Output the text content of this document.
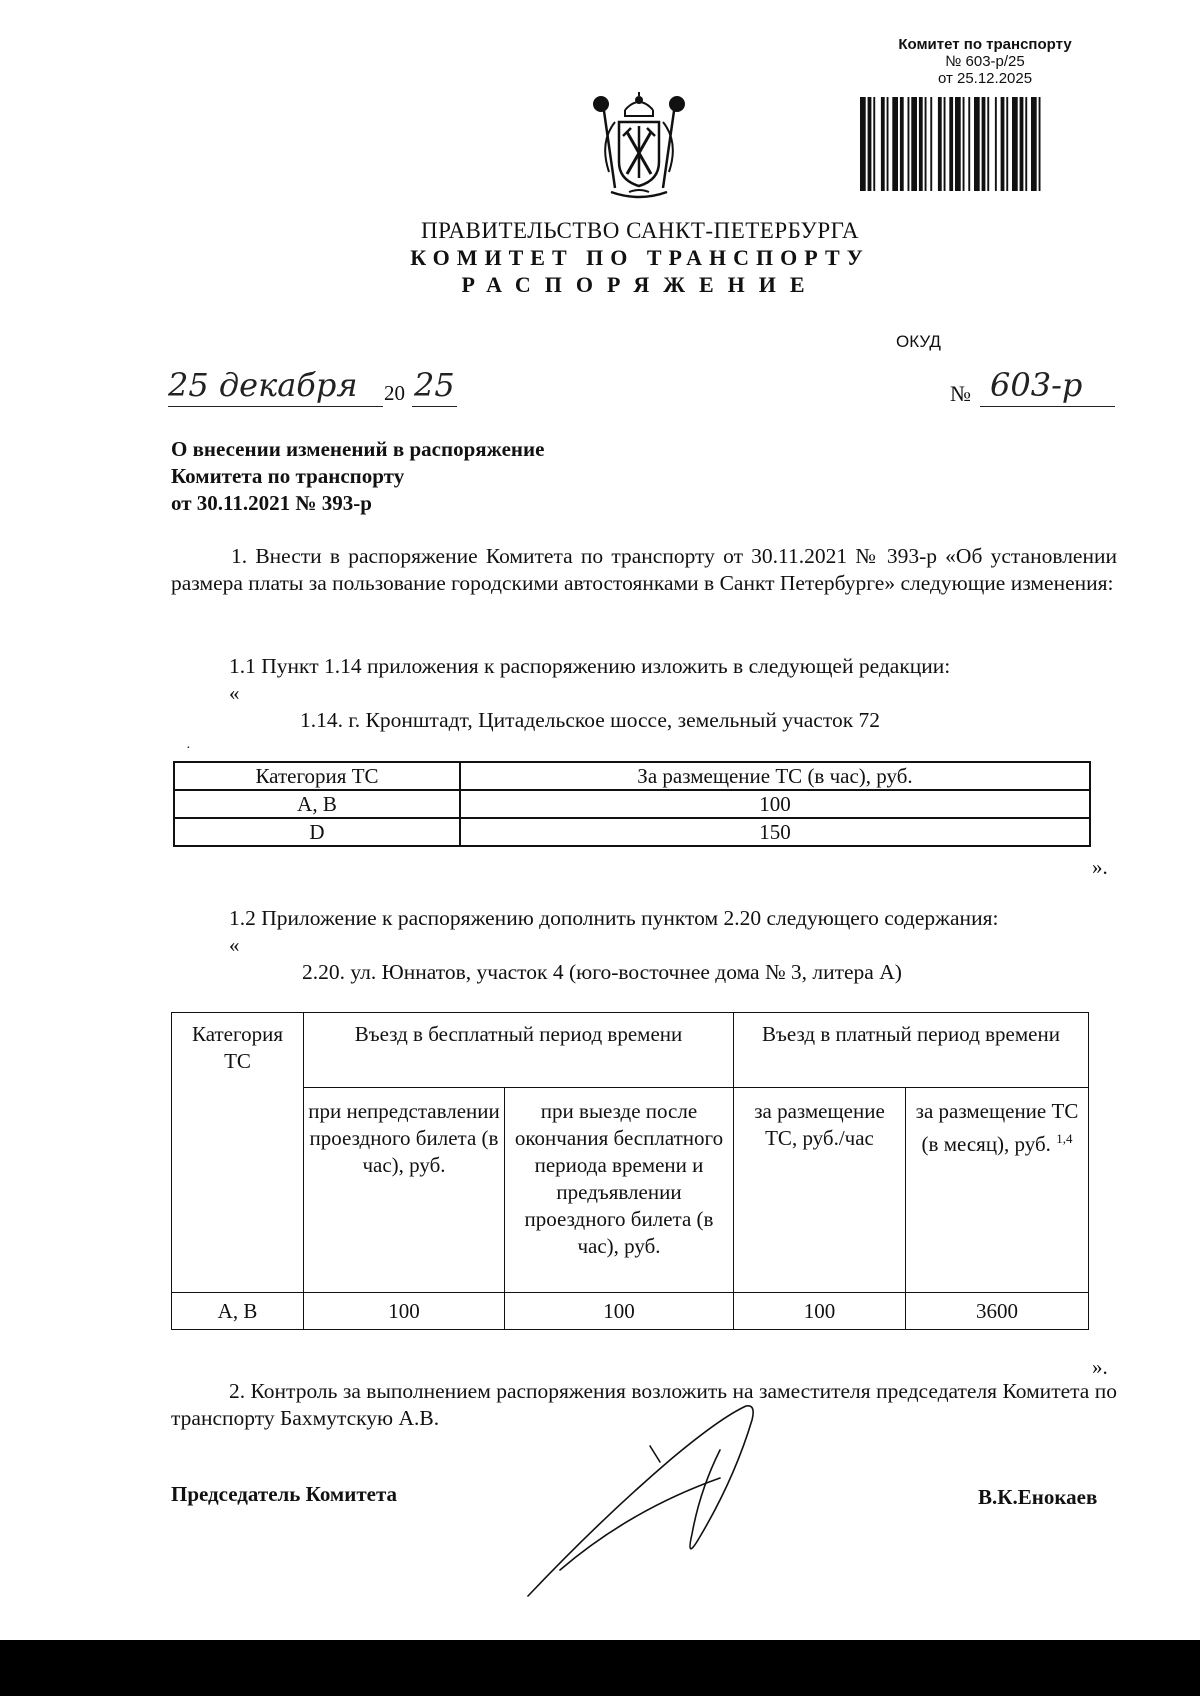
Комитет по транспорту
№ 603-р/25
от 25.12.2025
ПРАВИТЕЛЬСТВО САНКТ-ПЕТЕРБУРГА
КОМИТЕТ ПО ТРАНСПОРТУ
РАСПОРЯЖЕНИЕ
ОКУД
25 декабря 20 25	№ 603-р
О внесении изменений в распоряжение
Комитета по транспорту
от 30.11.2021 № 393-р
1. Внести в распоряжение Комитета по транспорту от 30.11.2021 № 393-р «Об установлении размера платы за пользование городскими автостоянками в Санкт Петербурге» следующие изменения:
1.1 Пункт 1.14 приложения к распоряжению изложить в следующей редакции:
«
1.14. г. Кронштадт, Цитадельское шоссе, земельный участок 72
·
Категория ТС	За размещение ТС (в час), руб.
А, В	100
D	150
».
1.2 Приложение к распоряжению дополнить пунктом 2.20 следующего содержания:
«
2.20. ул. Юннатов, участок 4 (юго-восточнее дома № 3, литера А)
Категория ТС	Въезд в бесплатный период времени		Въезд в платный период времени	
	при непредставлении проездного билета (в час), руб.	при выезде после окончания бесплатного периода времени и предъявлении проездного билета (в час), руб.	за размещение ТС, руб./час	за размещение ТС (в месяц), руб. $^{1,4}$
А, В	100	100	100	3600
».
2. Контроль за выполнением распоряжения возложить на заместителя председателя Комитета по транспорту Бахмутскую А.В.
Председатель Комитета	В.К.Енокаев
